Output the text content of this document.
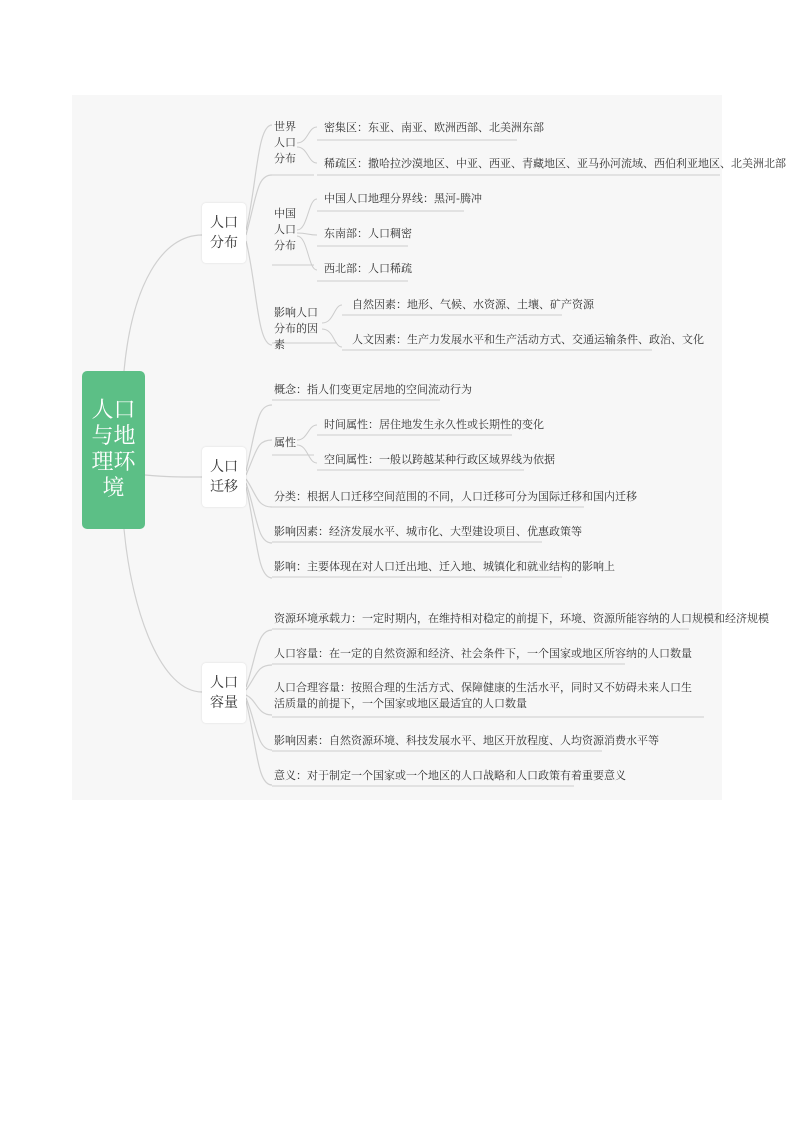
人口与地理环境
人口分布
人口迁移
人口容量
世界人口分布
密集区：东亚、南亚、欧洲西部、北美洲东部
稀疏区：撒哈拉沙漠地区、中亚、西亚、青藏地区、亚马孙河流域、西伯利亚地区、北美洲北部
中国人口分布
中国人口地理分界线：黑河-腾冲
东南部：人口稠密
西北部：人口稀疏
影响人口分布的因素
自然因素：地形、气候、水资源、土壤、矿产资源
人文因素：生产力发展水平和生产活动方式、交通运输条件、政治、文化
概念：指人们变更定居地的空间流动行为
属性
时间属性：居住地发生永久性或长期性的变化
空间属性：一般以跨越某种行政区域界线为依据
分类：根据人口迁移空间范围的不同，人口迁移可分为国际迁移和国内迁移
影响因素：经济发展水平、城市化、大型建设项目、优惠政策等
影响：主要体现在对人口迁出地、迁入地、城镇化和就业结构的影响上
资源环境承载力：一定时期内，在维持相对稳定的前提下，环境、资源所能容纳的人口规模和经济规模
人口容量：在一定的自然资源和经济、社会条件下，一个国家或地区所容纳的人口数量
人口合理容量：按照合理的生活方式、保障健康的生活水平，同时又不妨碍未来人口生活质量的前提下，一个国家或地区最适宜的人口数量
影响因素：自然资源环境、科技发展水平、地区开放程度、人均资源消费水平等
意义：对于制定一个国家或一个地区的人口战略和人口政策有着重要意义
